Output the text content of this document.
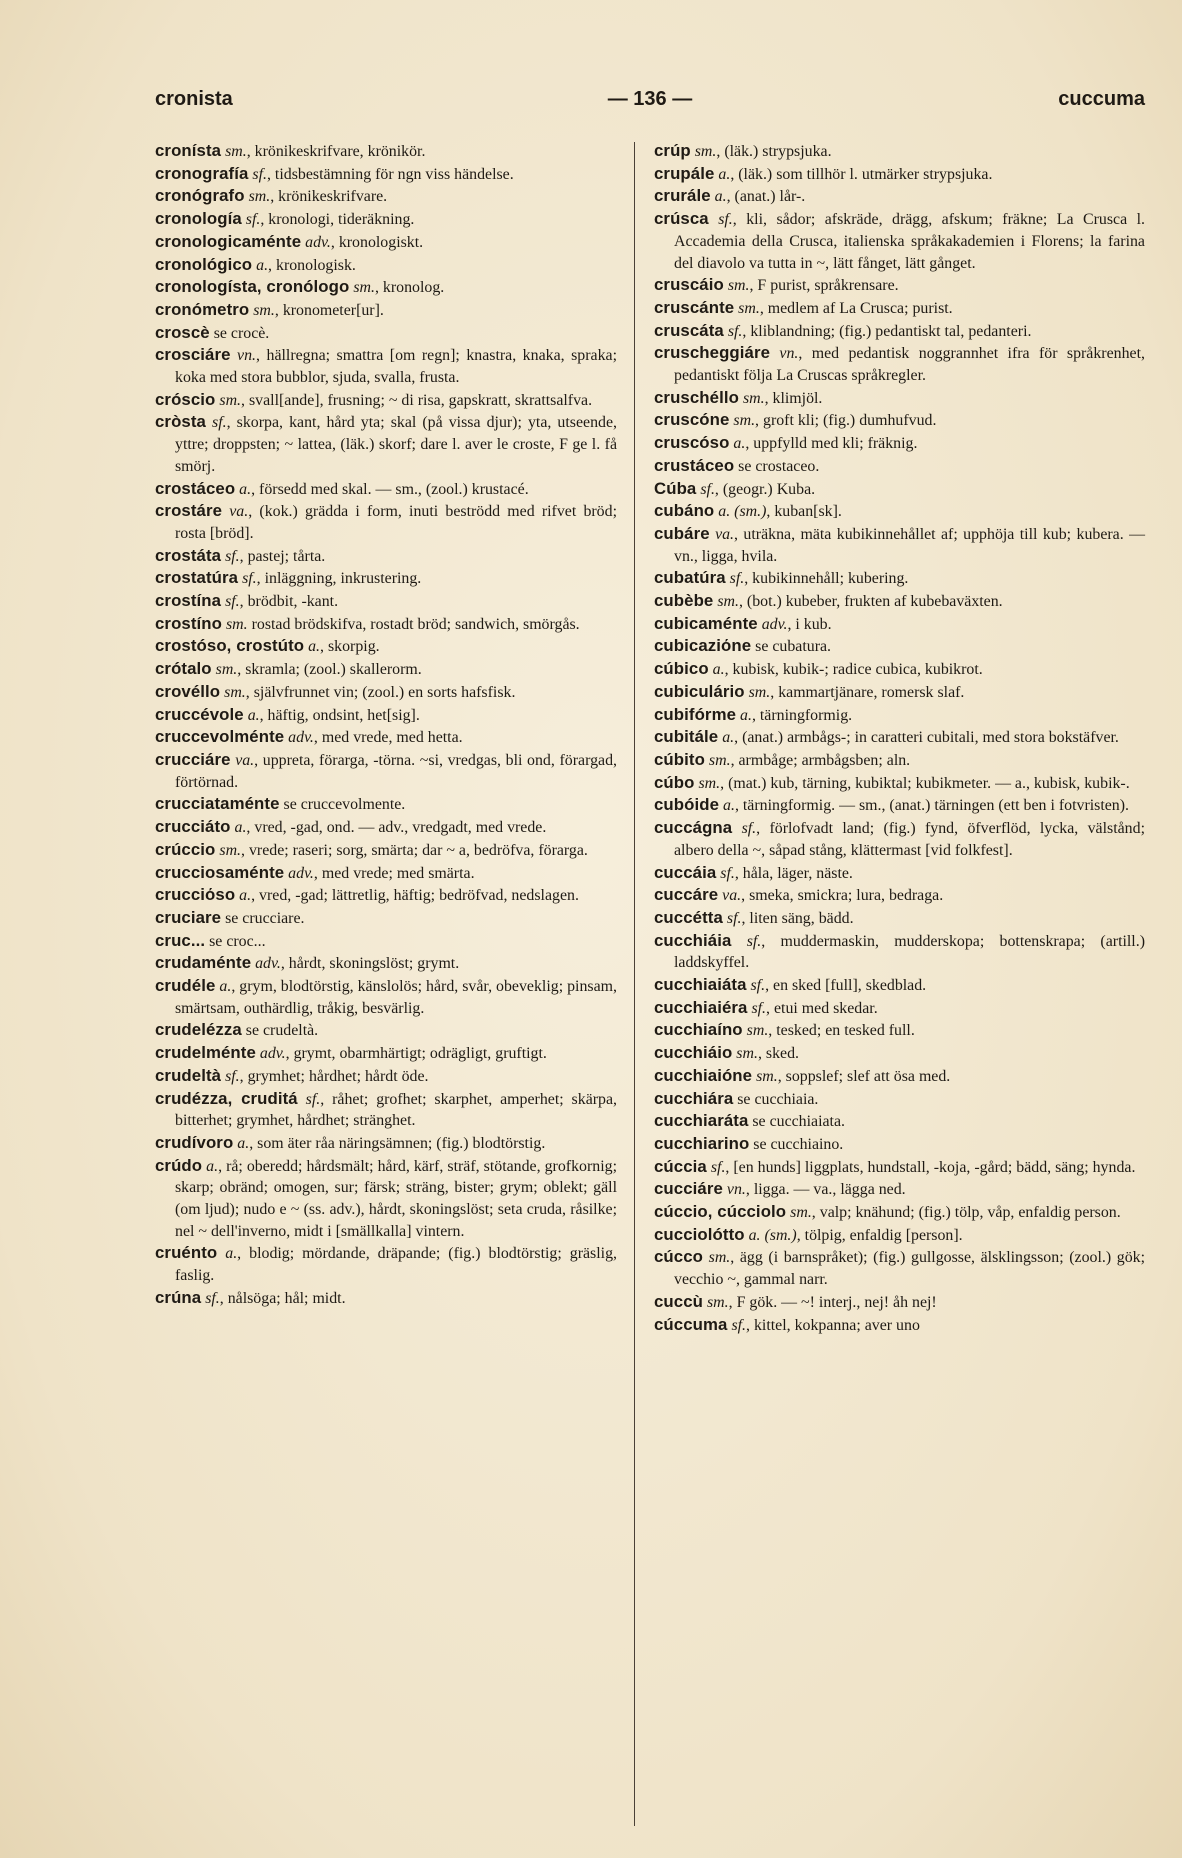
cronista	— 136 —	cuccuma

cronísta sm., krönikeskrifvare, krönikör.

cronografía sf., tidsbestämning för ngn viss händelse.

cronógrafo sm., krönikeskrifvare.

cronología sf., kronologi, tideräkning.

cronologicaménte adv., kronologiskt.

cronológico a., kronologisk.

cronologísta, cronólogo sm., kronolog.

cronómetro sm., kronometer[ur].

croscè se crocè.

crosciáre vn., hällregna; smattra [om regn]; knastra, knaka, spraka; koka med stora bubblor, sjuda, svalla, frusta.

cróscio sm., svall[ande], frusning; ~ di risa, gapskratt, skrattsalfva.

cròsta sf., skorpa, kant, hård yta; skal (på vissa djur); yta, utseende, yttre; droppsten; ~ lattea, (läk.) skorf; dare l. aver le croste, F ge l. få smörj.

crostáceo a., försedd med skal. — sm., (zool.) krustacé.

crostáre va., (kok.) grädda i form, inuti beströdd med rifvet bröd; rosta [bröd].

crostáta sf., pastej; tårta.

crostatúra sf., inläggning, inkrustering.

crostína sf., brödbit, -kant.

crostíno sm. rostad brödskifva, rostadt bröd; sandwich, smörgås.

crostóso, crostúto a., skorpig.

crótalo sm., skramla; (zool.) skallerorm.

crovéllo sm., självfrunnet vin; (zool.) en sorts hafsfisk.

cruccévole a., häftig, ondsint, het[sig].

cruccevolménte adv., med vrede, med hetta.

crucciáre va., uppreta, förarga, -törna. ~si, vredgas, bli ond, förargad, förtörnad.

crucciataménte se cruccevolmente.

crucciáto a., vred, -gad, ond. — adv., vredgadt, med vrede.

crúccio sm., vrede; raseri; sorg, smärta; dar ~ a, bedröfva, förarga.

crucciosaménte adv., med vrede; med smärta.

crucciόso a., vred, -gad; lättretlig, häftig; bedröfvad, nedslagen.

cruciare se crucciare.

cruc... se croc...

crudaménte adv., hårdt, skoningslöst; grymt.

crudéle a., grym, blodtörstig, känslolös; hård, svår, obeveklig; pinsam, smärtsam, outhärdlig, tråkig, besvärlig.

crudelézza se crudeltà.

crudelménte adv., grymt, obarmhärtigt; odrägligt, gruftigt.

crudeltà sf., grymhet; hårdhet; hårdt öde.

crudézza, cruditá sf., råhet; grofhet; skarphet, amperhet; skärpa, bitterhet; grymhet, hårdhet; stränghet.

crudívoro a., som äter råa näringsämnen; (fig.) blodtörstig.

crúdo a., rå; oberedd; hårdsmält; hård, kärf, sträf, stötande, grofkornig; skarp; obränd; omogen, sur; färsk; sträng, bister; grym; oblekt; gäll (om ljud); nudo e ~ (ss. adv.), hårdt, skoningslöst; seta cruda, råsilke; nel ~ dell'inverno, midt i [smällkalla] vintern.

cruénto a., blodig; mördande, dräpande; (fig.) blodtörstig; gräslig, faslig.

crúna sf., nålsöga; hål; midt.

crúp sm., (läk.) strypsjuka.

crupále a., (läk.) som tillhör l. utmärker strypsjuka.

crurále a., (anat.) lår-.

crúsca sf., kli, sådor; afskräde, drägg, afskum; fräkne; La Crusca l. Accademia della Crusca, italienska språkakademien i Florens; la farina del diavolo va tutta in ~, lätt fånget, lätt gånget.

cruscáio sm., F purist, språkrensare.

cruscánte sm., medlem af La Crusca; purist.

cruscáta sf., kliblandning; (fig.) pedantiskt tal, pedanteri.

cruscheggiáre vn., med pedantisk noggrannhet ifra för språkrenhet, pedantiskt följa La Cruscas språkregler.

cruschéllo sm., klimjöl.

cruscóne sm., groft kli; (fig.) dumhufvud.

cruscóso a., uppfylld med kli; fräknig.

crustáceo se crostaceo.

Cúba sf., (geogr.) Kuba.

cubáno a. (sm.), kuban[sk].

cubáre va., uträkna, mäta kubikinnehållet af; upphöja till kub; kubera. — vn., ligga, hvila.

cubatúra sf., kubikinnehåll; kubering.

cubèbe sm., (bot.) kubeber, frukten af kubebaväxten.

cubicaménte adv., i kub.

cubicaziόne se cubatura.

cúbico a., kubisk, kubik-; radice cubica, kubikrot.

cubiculário sm., kammartjänare, romersk slaf.

cubifórme a., tärningformig.

cubitále a., (anat.) armbågs-; in caratteri cubitali, med stora bokstäfver.

cúbito sm., armbåge; armbågsben; aln.

cúbo sm., (mat.) kub, tärning, kubiktal; kubikmeter. — a., kubisk, kubik-.

cubóide a., tärningformig. — sm., (anat.) tärningen (ett ben i fotvristen).

cuccágna sf., förlofvadt land; (fig.) fynd, öfverflöd, lycka, välstånd; albero della ~, såpad stång, klättermast [vid folkfest].

cuccáia sf., håla, läger, näste.

cuccáre va., smeka, smickra; lura, bedraga.

cuccétta sf., liten säng, bädd.

cucchiáia sf., muddermaskin, mudderskopa; bottenskrapa; (artill.) laddskyffel.

cucchiaiáta sf., en sked [full], skedblad.

cucchiaiéra sf., etui med skedar.

cucchiaíno sm., tesked; en tesked full.

cucchiáio sm., sked.

cucchiaióne sm., soppslef; slef att ösa med.

cucchiára se cucchiaia.

cucchiaráta se cucchiaiata.

cucchiarino se cucchiaino.

cúccia sf., [en hunds] liggplats, hundstall, -koja, -gård; bädd, säng; hynda.

cucciáre vn., ligga. — va., lägga ned.

cúccio, cúcciolo sm., valp; knähund; (fig.) tölp, våp, enfaldig person.

cucciolótto a. (sm.), tölpig, enfaldig [person].

cúcco sm., ägg (i barnspråket); (fig.) gullgosse, älsklingsson; (zool.) gök; vecchio ~, gammal narr.

cuccù sm., F gök. — ~! interj., nej! åh nej!

cúccuma sf., kittel, kokpanna; aver uno
